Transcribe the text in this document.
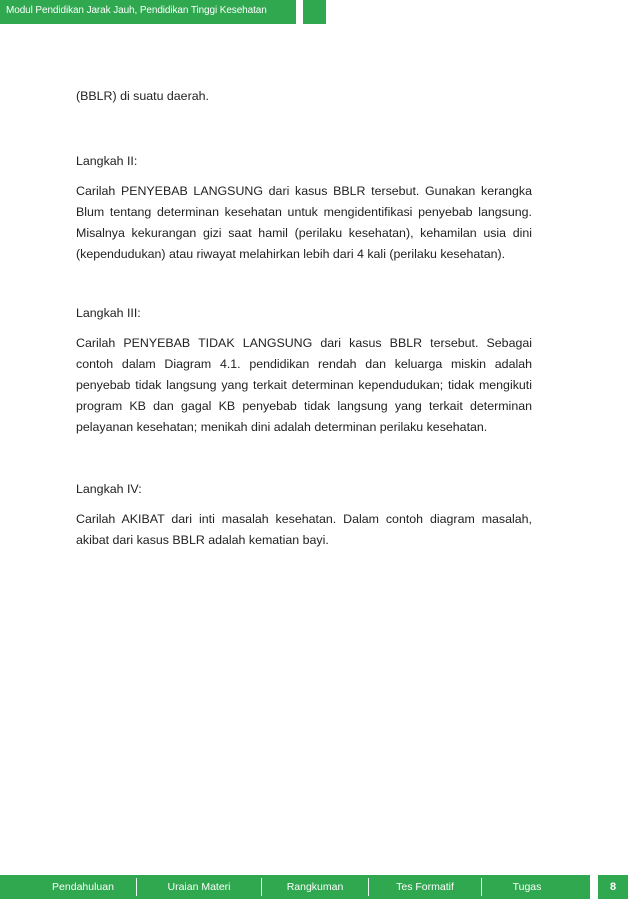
Modul Pendidikan Jarak Jauh, Pendidikan Tinggi Kesehatan
(BBLR) di suatu daerah.
Langkah II:
Carilah PENYEBAB LANGSUNG dari kasus BBLR tersebut. Gunakan kerangka Blum tentang determinan kesehatan untuk mengidentifikasi penyebab langsung. Misalnya kekurangan gizi saat hamil (perilaku kesehatan), kehamilan usia dini (kependudukan) atau riwayat melahirkan lebih dari 4 kali (perilaku kesehatan).
Langkah III:
Carilah PENYEBAB TIDAK LANGSUNG dari kasus BBLR tersebut. Sebagai contoh dalam Diagram 4.1. pendidikan rendah dan keluarga miskin adalah penyebab tidak langsung yang terkait determinan kependudukan; tidak mengikuti program KB dan gagal KB penyebab tidak langsung yang terkait determinan pelayanan kesehatan; menikah dini adalah determinan perilaku kesehatan.
Langkah IV:
Carilah AKIBAT dari inti masalah kesehatan. Dalam contoh diagram masalah, akibat dari kasus BBLR adalah kematian bayi.
Pendahuluan	Uraian Materi	Rangkuman	Tes Formatif	Tugas	8
